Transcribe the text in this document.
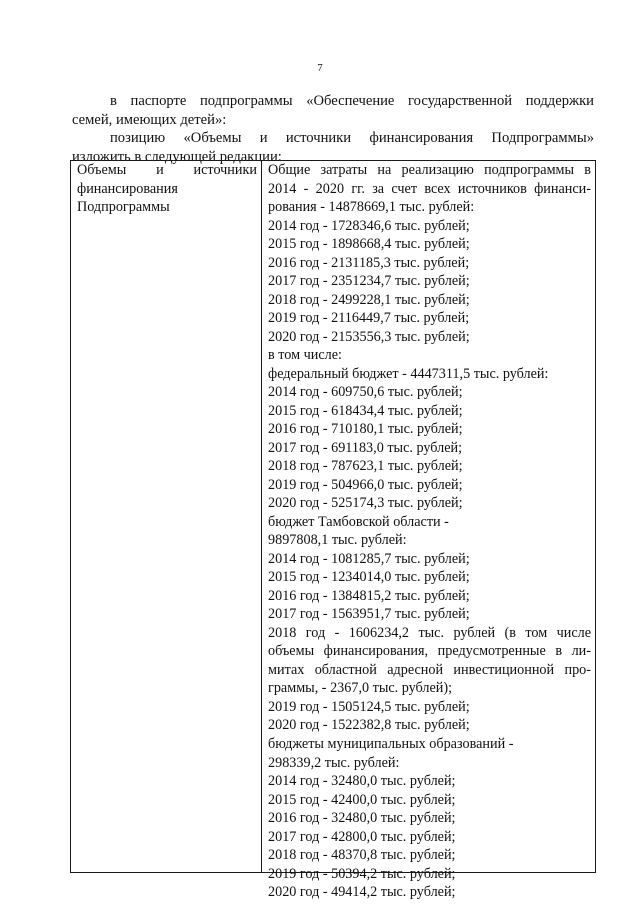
7

в паспорте подпрограммы «Обеспечение государственной поддержки

семей, имеющих детей»:

позицию «Объемы и источники финансирования Подпрограммы»

изложить в следующей редакции:

Объемы и источники
финансирования
Подпрограммы
Общие затраты на реализацию подпрограммы в
2014 - 2020 гг. за счет всех источников финанси-
рования - 14878669,1 тыс. рублей:
2014 год - 1728346,6 тыс. рублей;
2015 год - 1898668,4 тыс. рублей;
2016 год - 2131185,3 тыс. рублей;
2017 год - 2351234,7 тыс. рублей;
2018 год - 2499228,1 тыс. рублей;
2019 год - 2116449,7 тыс. рублей;
2020 год - 2153556,3 тыс. рублей;
в том числе:
федеральный бюджет - 4447311,5 тыс. рублей:
2014 год - 609750,6 тыс. рублей;
2015 год - 618434,4 тыс. рублей;
2016 год - 710180,1 тыс. рублей;
2017 год - 691183,0 тыс. рублей;
2018 год - 787623,1 тыс. рублей;
2019 год - 504966,0 тыс. рублей;
2020 год - 525174,3 тыс. рублей;
бюджет Тамбовской области -
9897808,1 тыс. рублей:
2014 год - 1081285,7 тыс. рублей;
2015 год - 1234014,0 тыс. рублей;
2016 год - 1384815,2 тыс. рублей;
2017 год - 1563951,7 тыс. рублей;
2018 год - 1606234,2 тыс. рублей (в том числе
объемы финансирования, предусмотренные в ли-
митах областной адресной инвестиционной про-
граммы, - 2367,0 тыс. рублей);
2019 год - 1505124,5 тыс. рублей;
2020 год - 1522382,8 тыс. рублей;
бюджеты муниципальных образований -
298339,2 тыс. рублей:
2014 год - 32480,0 тыс. рублей;
2015 год - 42400,0 тыс. рублей;
2016 год - 32480,0 тыс. рублей;
2017 год - 42800,0 тыс. рублей;
2018 год - 48370,8 тыс. рублей;
2019 год - 50394,2 тыс. рублей;
2020 год - 49414,2 тыс. рублей;
